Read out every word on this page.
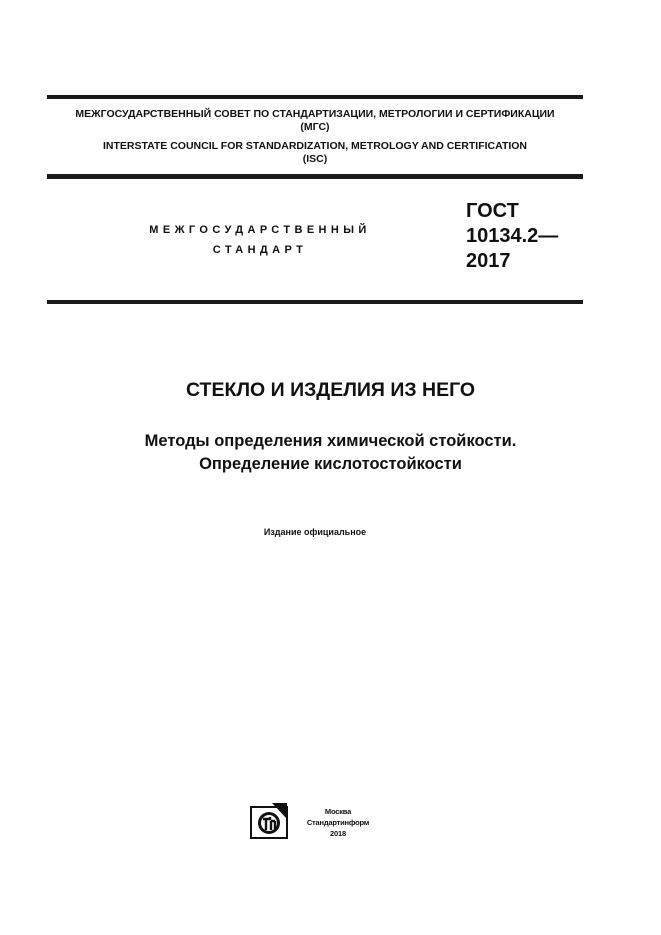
МЕЖГОСУДАРСТВЕННЫЙ СОВЕТ ПО СТАНДАРТИЗАЦИИ, МЕТРОЛОГИИ И СЕРТИФИКАЦИИ
(МГС)
INTERSTATE COUNCIL FOR STANDARDIZATION, METROLOGY AND CERTIFICATION
(ISC)
МЕЖГОСУДАРСТВЕННЫЙ
СТАНДАРТ
ГОСТ
10134.2—
2017
СТЕКЛО И ИЗДЕЛИЯ ИЗ НЕГО
Методы определения химической стойкости.
Определение кислотостойкости
Издание официальное
Москва
Стандартинформ
2018
